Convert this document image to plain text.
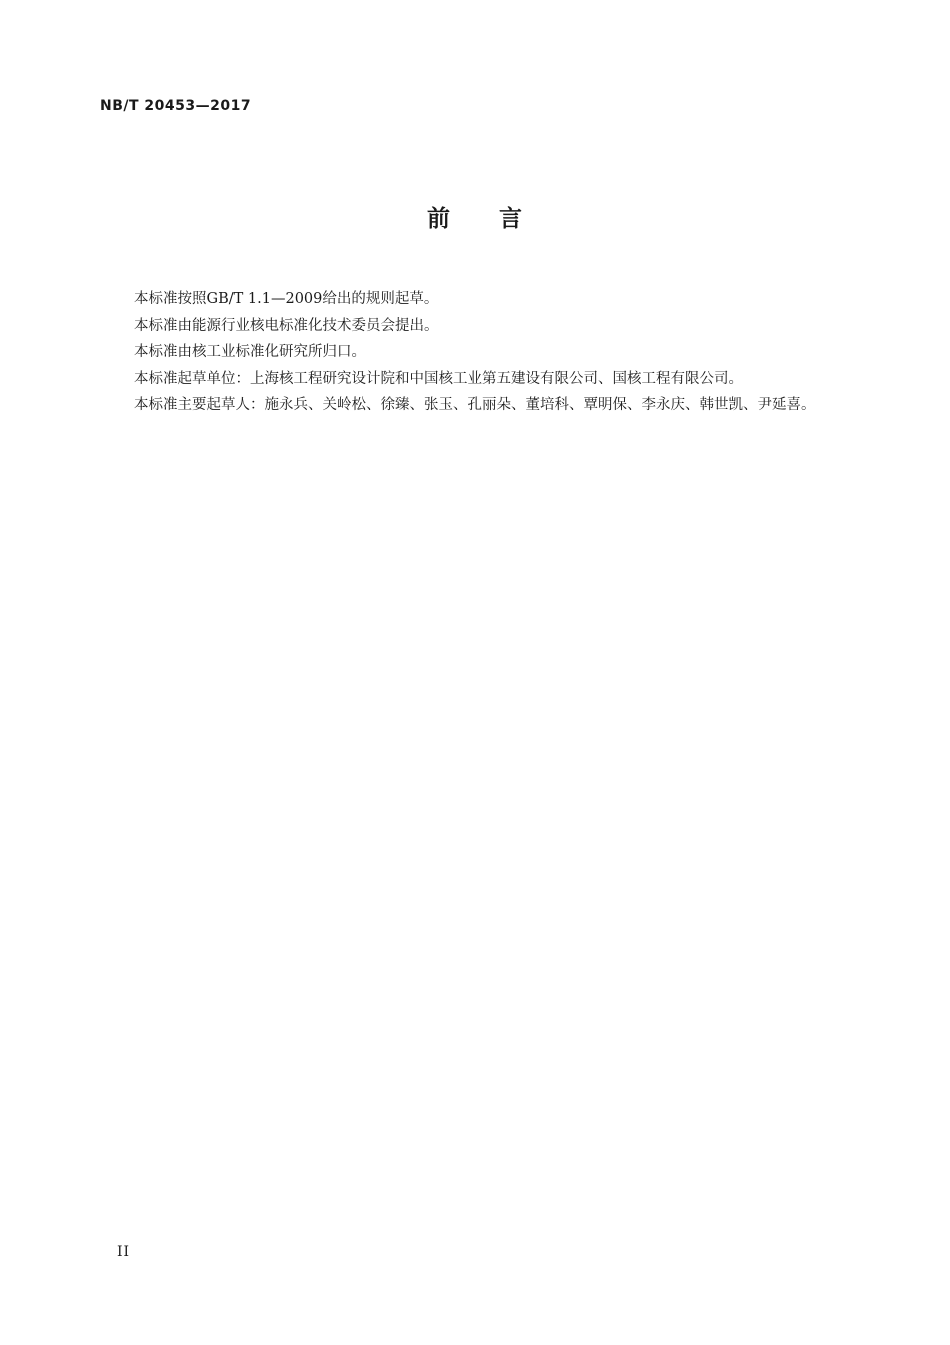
NB/T 20453—2017
前　　言

本标准按照GB/T 1.1—2009给出的规则起草。

本标准由能源行业核电标准化技术委员会提出。

本标准由核工业标准化研究所归口。

本标准起草单位：上海核工程研究设计院和中国核工业第五建设有限公司、国核工程有限公司。

本标准主要起草人：施永兵、关岭松、徐臻、张玉、孔丽朵、董培科、覃明保、李永庆、韩世凯、尹延喜。

II
